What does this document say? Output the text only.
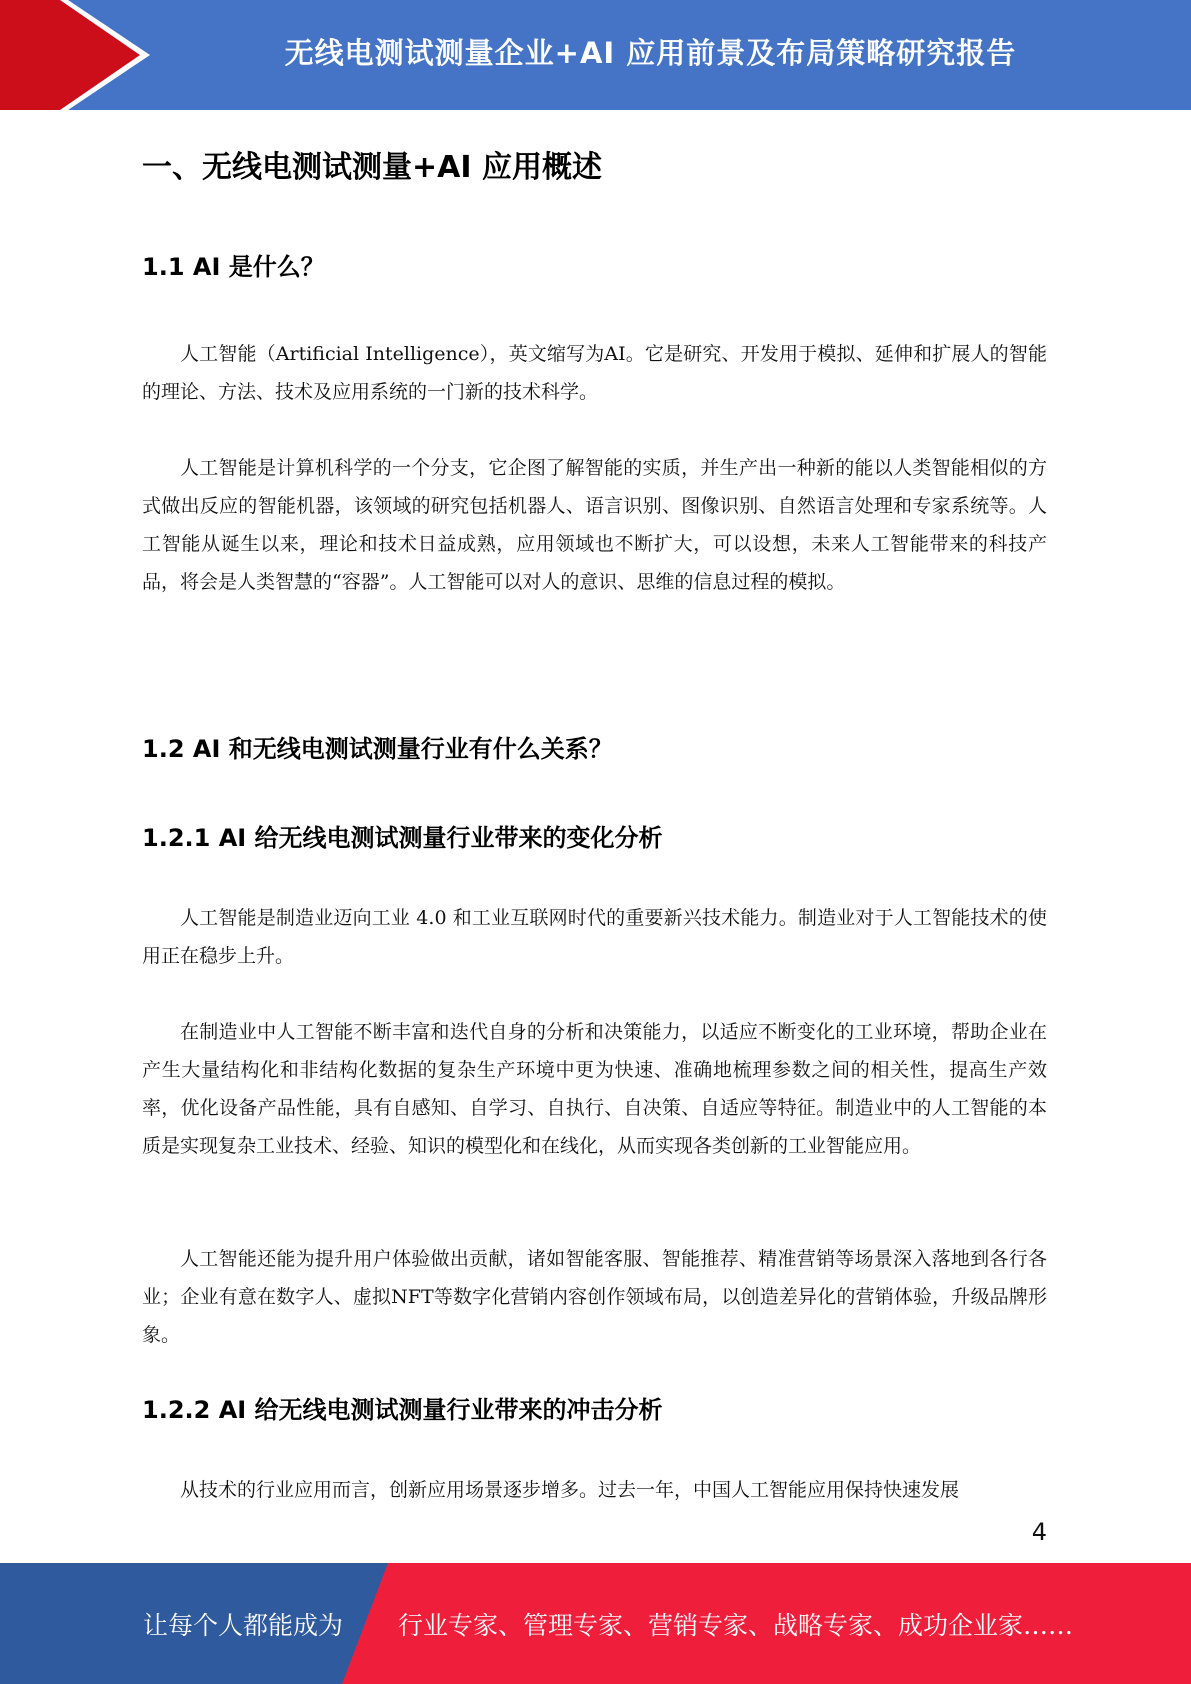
无线电测试测量企业+AI 应用前景及布局策略研究报告
一、无线电测试测量+AI 应用概述
1.1 AI 是什么？

人工智能（Artificial Intelligence），英文缩写为AI。它是研究、开发用于模拟、延伸和扩展人的智能的理论、方法、技术及应用系统的一门新的技术科学。

人工智能是计算机科学的一个分支，它企图了解智能的实质，并生产出一种新的能以人类智能相似的方式做出反应的智能机器，该领域的研究包括机器人、语言识别、图像识别、自然语言处理和专家系统等。人工智能从诞生以来，理论和技术日益成熟，应用领域也不断扩大，可以设想，未来人工智能带来的科技产品，将会是人类智慧的“容器”。人工智能可以对人的意识、思维的信息过程的模拟。

1.2 AI 和无线电测试测量行业有什么关系？
1.2.1 AI 给无线电测试测量行业带来的变化分析

人工智能是制造业迈向工业 4.0 和工业互联网时代的重要新兴技术能力。制造业对于人工智能技术的使用正在稳步上升。

在制造业中人工智能不断丰富和迭代自身的分析和决策能力，以适应不断变化的工业环境，帮助企业在产生大量结构化和非结构化数据的复杂生产环境中更为快速、准确地梳理参数之间的相关性，提高生产效率，优化设备产品性能，具有自感知、自学习、自执行、自决策、自适应等特征。制造业中的人工智能的本质是实现复杂工业技术、经验、知识的模型化和在线化，从而实现各类创新的工业智能应用。

人工智能还能为提升用户体验做出贡献，诸如智能客服、智能推荐、精准营销等场景深入落地到各行各业；企业有意在数字人、虚拟NFT等数字化营销内容创作领域布局，以创造差异化的营销体验，升级品牌形象。

1.2.2 AI 给无线电测试测量行业带来的冲击分析

从技术的行业应用而言，创新应用场景逐步增多。过去一年，中国人工智能应用保持快速发展

4
让每个人都能成为 行业专家、管理专家、营销专家、战略专家、成功企业家……
